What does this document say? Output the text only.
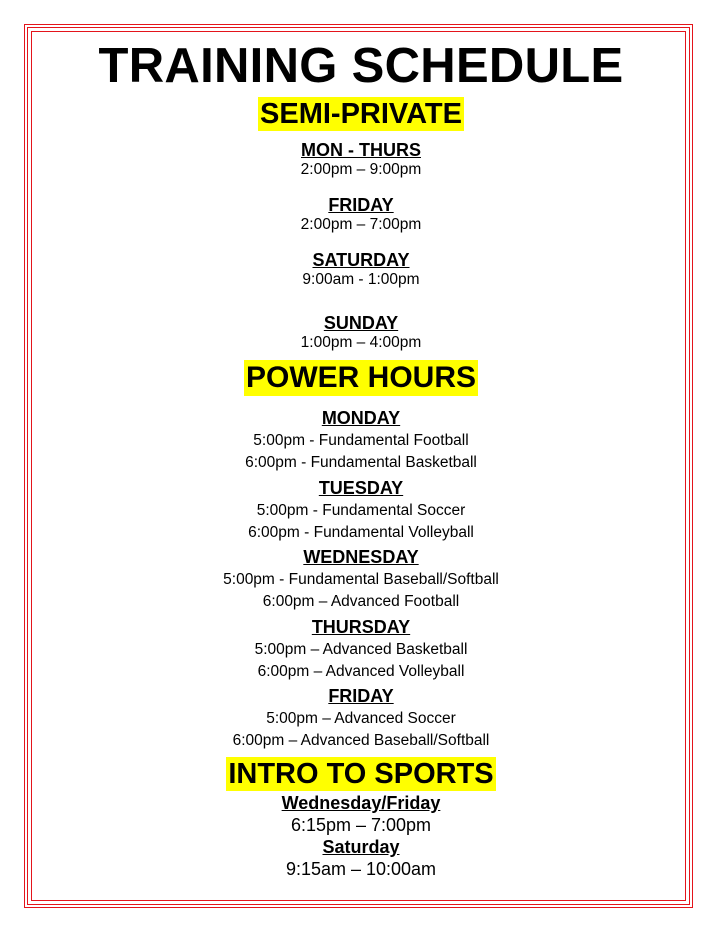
TRAINING SCHEDULE
SEMI-PRIVATE
MON - THURS
2:00pm – 9:00pm
FRIDAY
2:00pm – 7:00pm
SATURDAY
9:00am - 1:00pm
SUNDAY
1:00pm – 4:00pm
POWER HOURS
MONDAY
5:00pm - Fundamental Football
6:00pm - Fundamental Basketball
TUESDAY
5:00pm - Fundamental Soccer
6:00pm - Fundamental Volleyball
WEDNESDAY
5:00pm - Fundamental Baseball/Softball
6:00pm – Advanced Football
THURSDAY
5:00pm – Advanced Basketball
6:00pm – Advanced Volleyball
FRIDAY
5:00pm – Advanced Soccer
6:00pm – Advanced Baseball/Softball
INTRO TO SPORTS
Wednesday/Friday
6:15pm – 7:00pm
Saturday
9:15am – 10:00am
